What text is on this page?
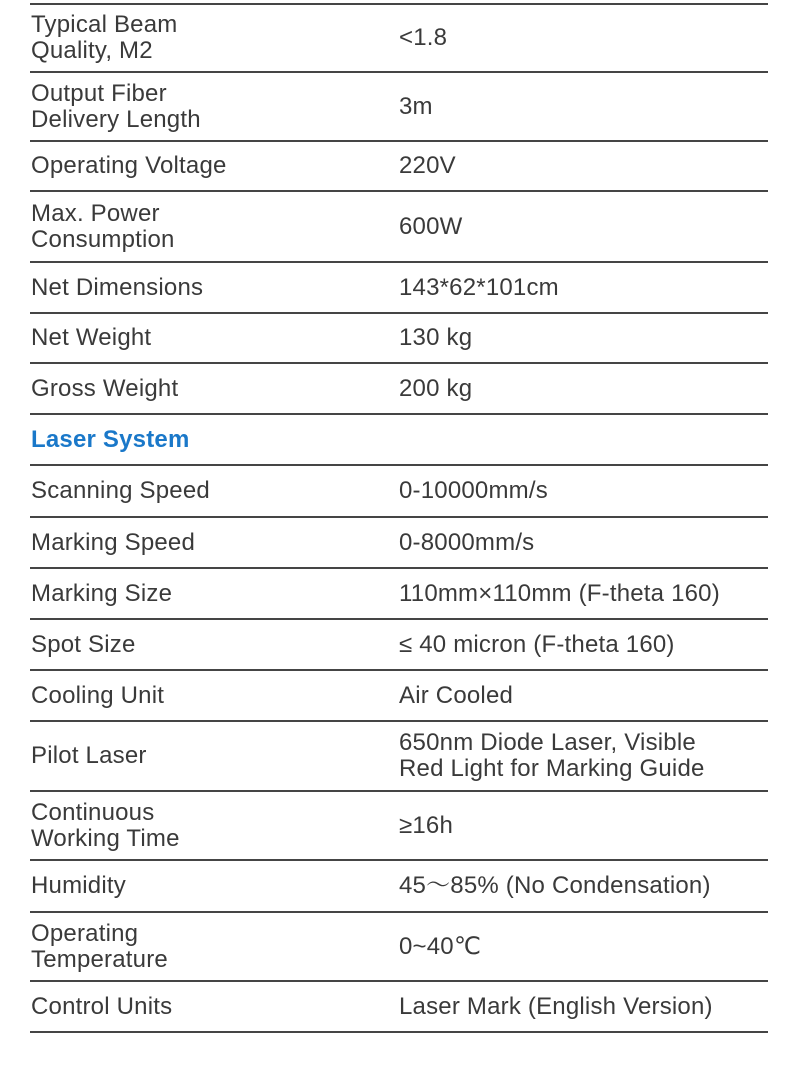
Typical Beam
Quality, M2	<1.8
Output Fiber
Delivery Length	3m
Operating Voltage	220V
Max. Power
Consumption	600W
Net Dimensions	143*62*101cm
Net Weight	130 kg
Gross Weight	200 kg
Laser System
Scanning Speed	0-10000mm/s
Marking Speed	0-8000mm/s
Marking Size	110mm×110mm (F-theta 160)
Spot Size	≤ 40 micron (F-theta 160)
Cooling Unit	Air Cooled
Pilot Laser	650nm Diode Laser, Visible
Red Light for Marking Guide
Continuous
Working Time	≥16h
Humidity	45～85% (No Condensation)
Operating
Temperature	0~40℃
Control Units	Laser Mark (English Version)
